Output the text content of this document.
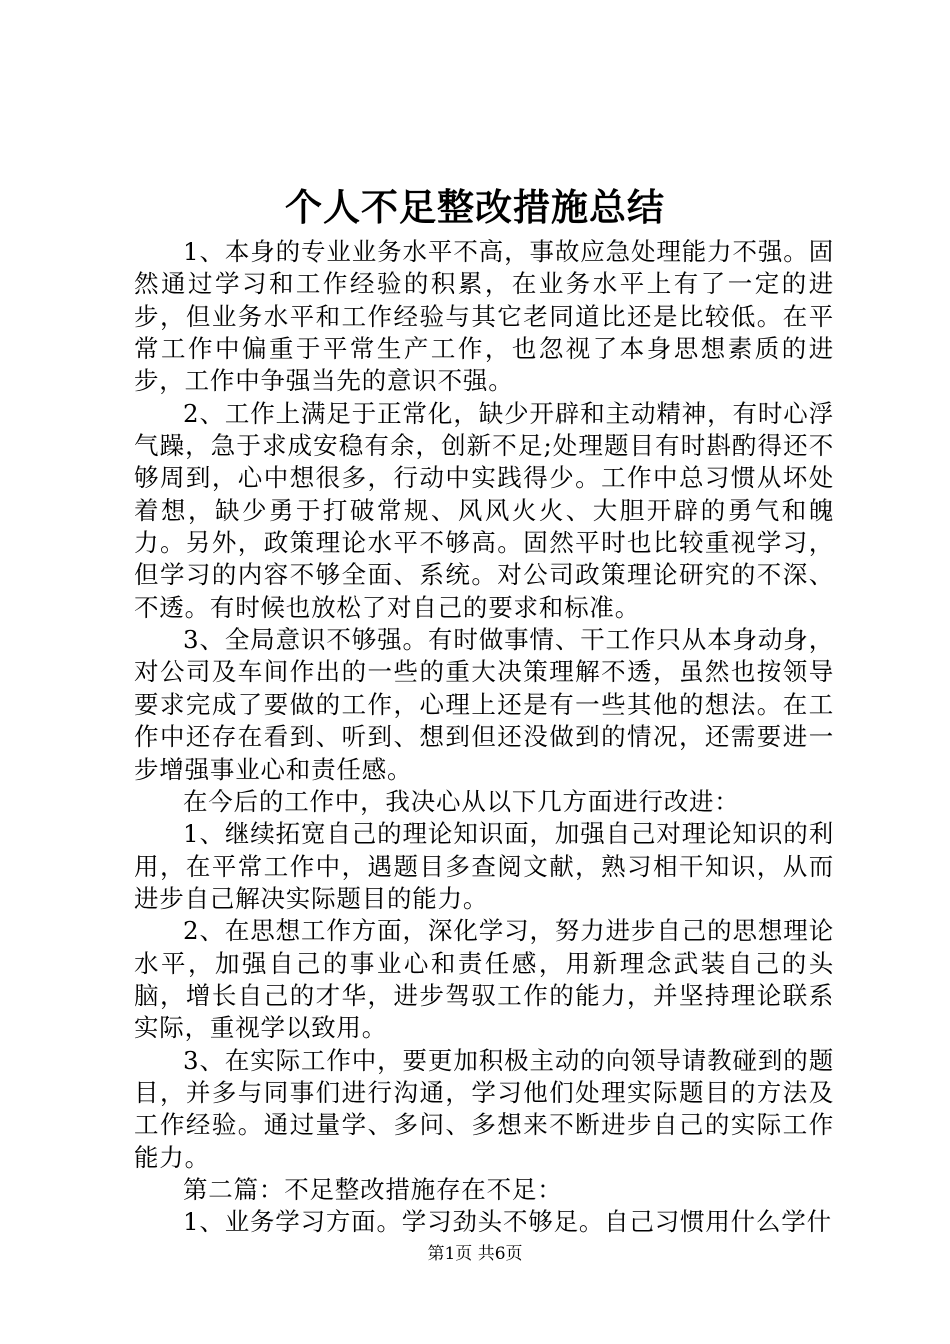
个人不足整改措施总结

1、本身的专业业务水平不高，事故应急处理能力不强。固然通过学习和工作经验的积累，在业务水平上有了一定的进步，但业务水平和工作经验与其它老同道比还是比较低。在平常工作中偏重于平常生产工作，也忽视了本身思想素质的进步，工作中争强当先的意识不强。

2、工作上满足于正常化，缺少开辟和主动精神，有时心浮气躁，急于求成安稳有余，创新不足;处理题目有时斟酌得还不够周到，心中想很多，行动中实践得少。工作中总习惯从坏处着想，缺少勇于打破常规、风风火火、大胆开辟的勇气和魄力。另外，政策理论水平不够高。固然平时也比较重视学习，但学习的内容不够全面、系统。对公司政策理论研究的不深、不透。有时候也放松了对自己的要求和标准。

3、全局意识不够强。有时做事情、干工作只从本身动身，对公司及车间作出的一些的重大决策理解不透，虽然也按领导要求完成了要做的工作，心理上还是有一些其他的想法。在工作中还存在看到、听到、想到但还没做到的情况，还需要进一步增强事业心和责任感。

在今后的工作中，我决心从以下几方面进行改进：

1、继续拓宽自己的理论知识面，加强自己对理论知识的利用，在平常工作中，遇题目多查阅文献，熟习相干知识，从而进步自己解决实际题目的能力。

2、在思想工作方面，深化学习，努力进步自己的思想理论水平，加强自己的事业心和责任感，用新理念武装自己的头脑，增长自己的才华，进步驾驭工作的能力，并坚持理论联系实际，重视学以致用。

3、在实际工作中，要更加积极主动的向领导请教碰到的题目，并多与同事们进行沟通，学习他们处理实际题目的方法及工作经验。通过量学、多问、多想来不断进步自己的实际工作能力。

第二篇：不足整改措施存在不足：

1、业务学习方面。学习劲头不够足。自己习惯用什么学什

第1页 共6页
